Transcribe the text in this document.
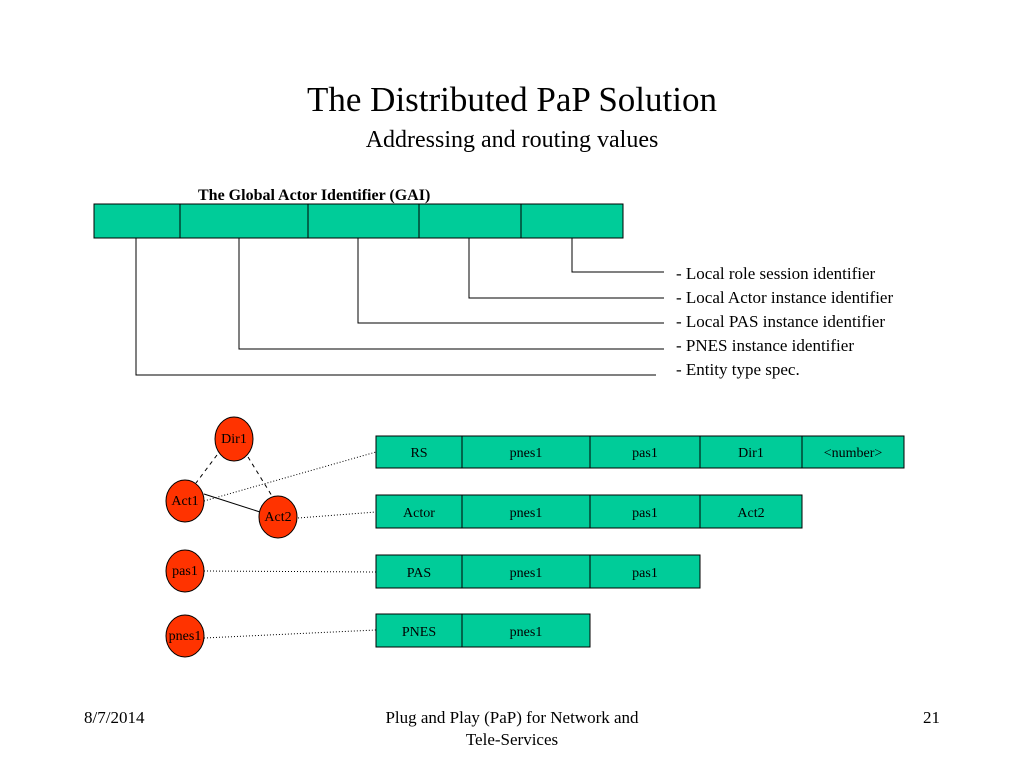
The Distributed PaP Solution
Addressing and routing values
The Global Actor Identifier (GAI)
Dir1
Act1
Act2
pas1
pnes1
RS	pnes1	pas1	Dir1	<number>
Actor	pnes1	pas1	Act2
PAS	pnes1	pas1
PNES	pnes1
- Local role session identifier
- Local Actor instance identifier
- Local PAS instance identifier
- PNES instance identifier
- Entity type spec.
8/7/2014	Plug and Play (PaP) for Network and
Tele-Services
21
